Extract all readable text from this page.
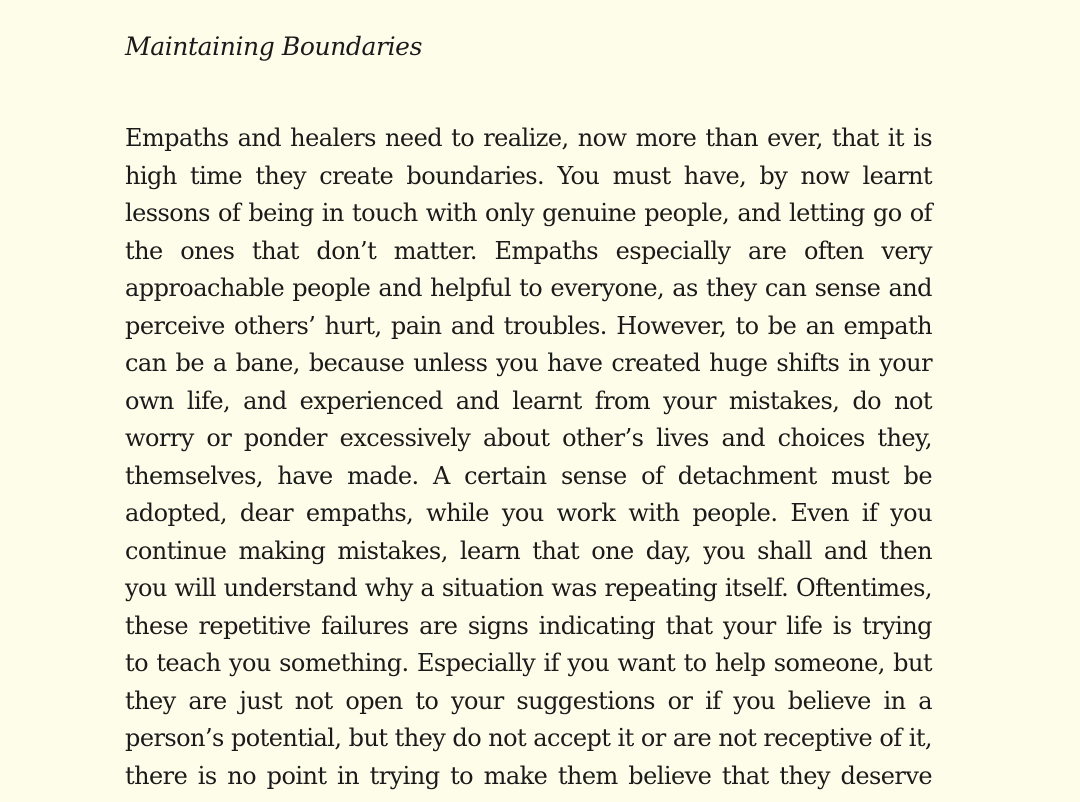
Maintaining Boundaries
Empaths and healers need to realize, now more than ever, that it is
high time they create boundaries. You must have, by now learnt
lessons of being in touch with only genuine people, and letting go of
the ones that don’t matter. Empaths especially are often very
approachable people and helpful to everyone, as they can sense and
perceive others’ hurt, pain and troubles. However, to be an empath
can be a bane, because unless you have created huge shifts in your
own life, and experienced and learnt from your mistakes, do not
worry or ponder excessively about other’s lives and choices they,
themselves, have made. A certain sense of detachment must be
adopted, dear empaths, while you work with people. Even if you
continue making mistakes, learn that one day, you shall and then
you will understand why a situation was repeating itself. Oftentimes,
these repetitive failures are signs indicating that your life is trying
to teach you something. Especially if you want to help someone, but
they are just not open to your suggestions or if you believe in a
person’s potential, but they do not accept it or are not receptive of it,
there is no point in trying to make them believe that they deserve
